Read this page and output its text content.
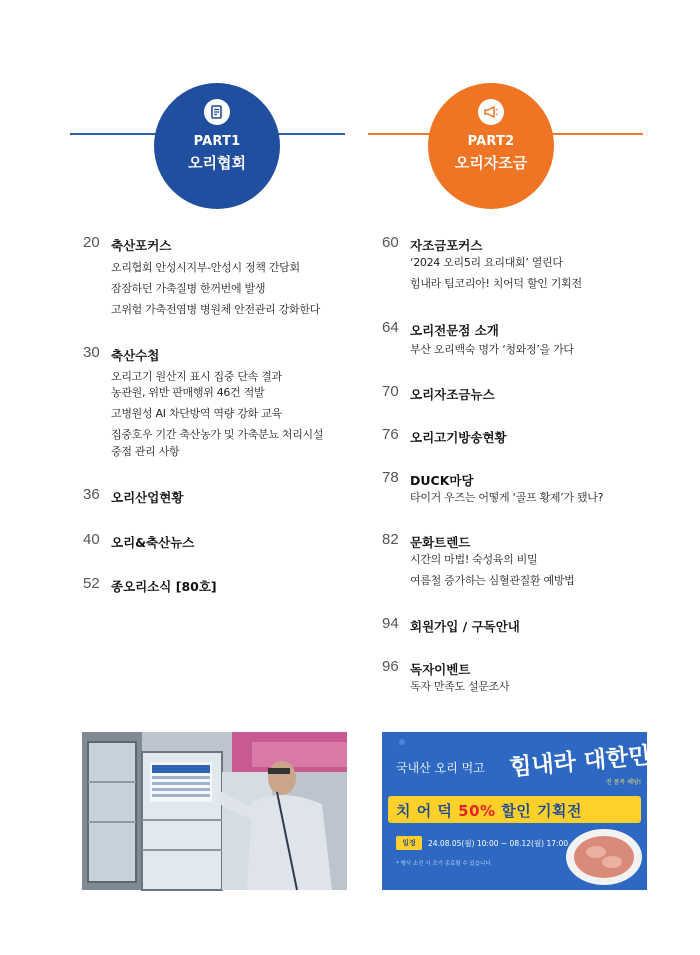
PART1
오리협회
PART2
오리자조금
20 축산포커스
오리협회 안성시지부-안성시 정책 간담회
잠잠하던 가축질병 한꺼번에 발생
고위험 가축전염병 병원체 안전관리 강화한다
30 축산수첩
오리고기 원산지 표시 집중 단속 결과
농관원, 위반 판매행위 46건 적발
고병원성 AI 차단방역 역량 강화 교육
집중호우 기간 축산농가 및 가축분뇨 처리시설
중점 관리 사항
36 오리산업현황
40 오리&축산뉴스
52 종오리소식 [80호]
60 자조금포커스
‘2024 오리5리 요리대회’ 열린다
힘내라 팀코리아! 치어덕 할인 기획전
64 오리전문점 소개
부산 오리백숙 명가 ‘청와정’을 가다
70 오리자조금뉴스
76 오리고기방송현황
78 DUCK마당
타이거 우즈는 어떻게 ‘골프 황제’가 됐나?
82 문화트렌드
시간의 마법! 숙성육의 비밀
여름철 증가하는 심혈관질환 예방법
94 회원가입 / 구독안내
96 독자이벤트
독자 만족도 설문조사
국내산 오리 먹고 힘내라 대한민국
전 품목 해당!
치 어 덕 50% 할인 기획전
일정	24.08.05(월) 10:00 ~ 08.12(월) 17:00
* 행사 소진 시 조기 종료될 수 있습니다.
